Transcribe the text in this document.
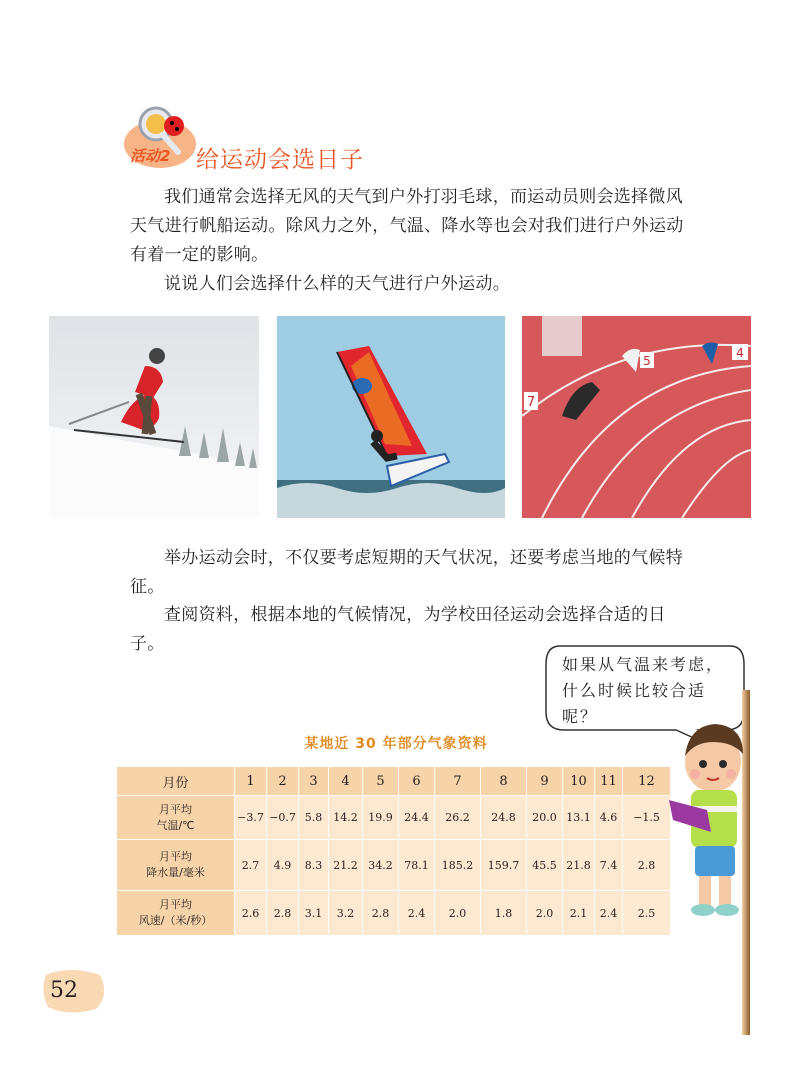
活动2 给运动会选日子

我们通常会选择无风的天气到户外打羽毛球，而运动员则会选择微风天气进行帆船运动。除风力之外，气温、降水等也会对我们进行户外运动有着一定的影响。

说说人们会选择什么样的天气进行户外运动。

5
4
7

举办运动会时，不仅要考虑短期的天气状况，还要考虑当地的气候特征。

查阅资料，根据本地的气候情况，为学校田径运动会选择合适的日子。

如果从气温来考虑，什么时候比较合适呢？

某地近 30 年部分气象资料
月份	1	2	3	4	5	6	7	8	9	10	11	12

月平均
气温/℃	−3.7	−0.7	5.8	14.2	19.9	24.4	26.2	24.8	20.0	13.1	4.6	−1.5

月平均
降水量/毫米	2.7	4.9	8.3	21.2	34.2	78.1	185.2	159.7	45.5	21.8	7.4	2.8

月平均
风速/（米/秒）	2.6	2.8	3.1	3.2	2.8	2.4	2.0	1.8	2.0	2.1	2.4	2.5
52
